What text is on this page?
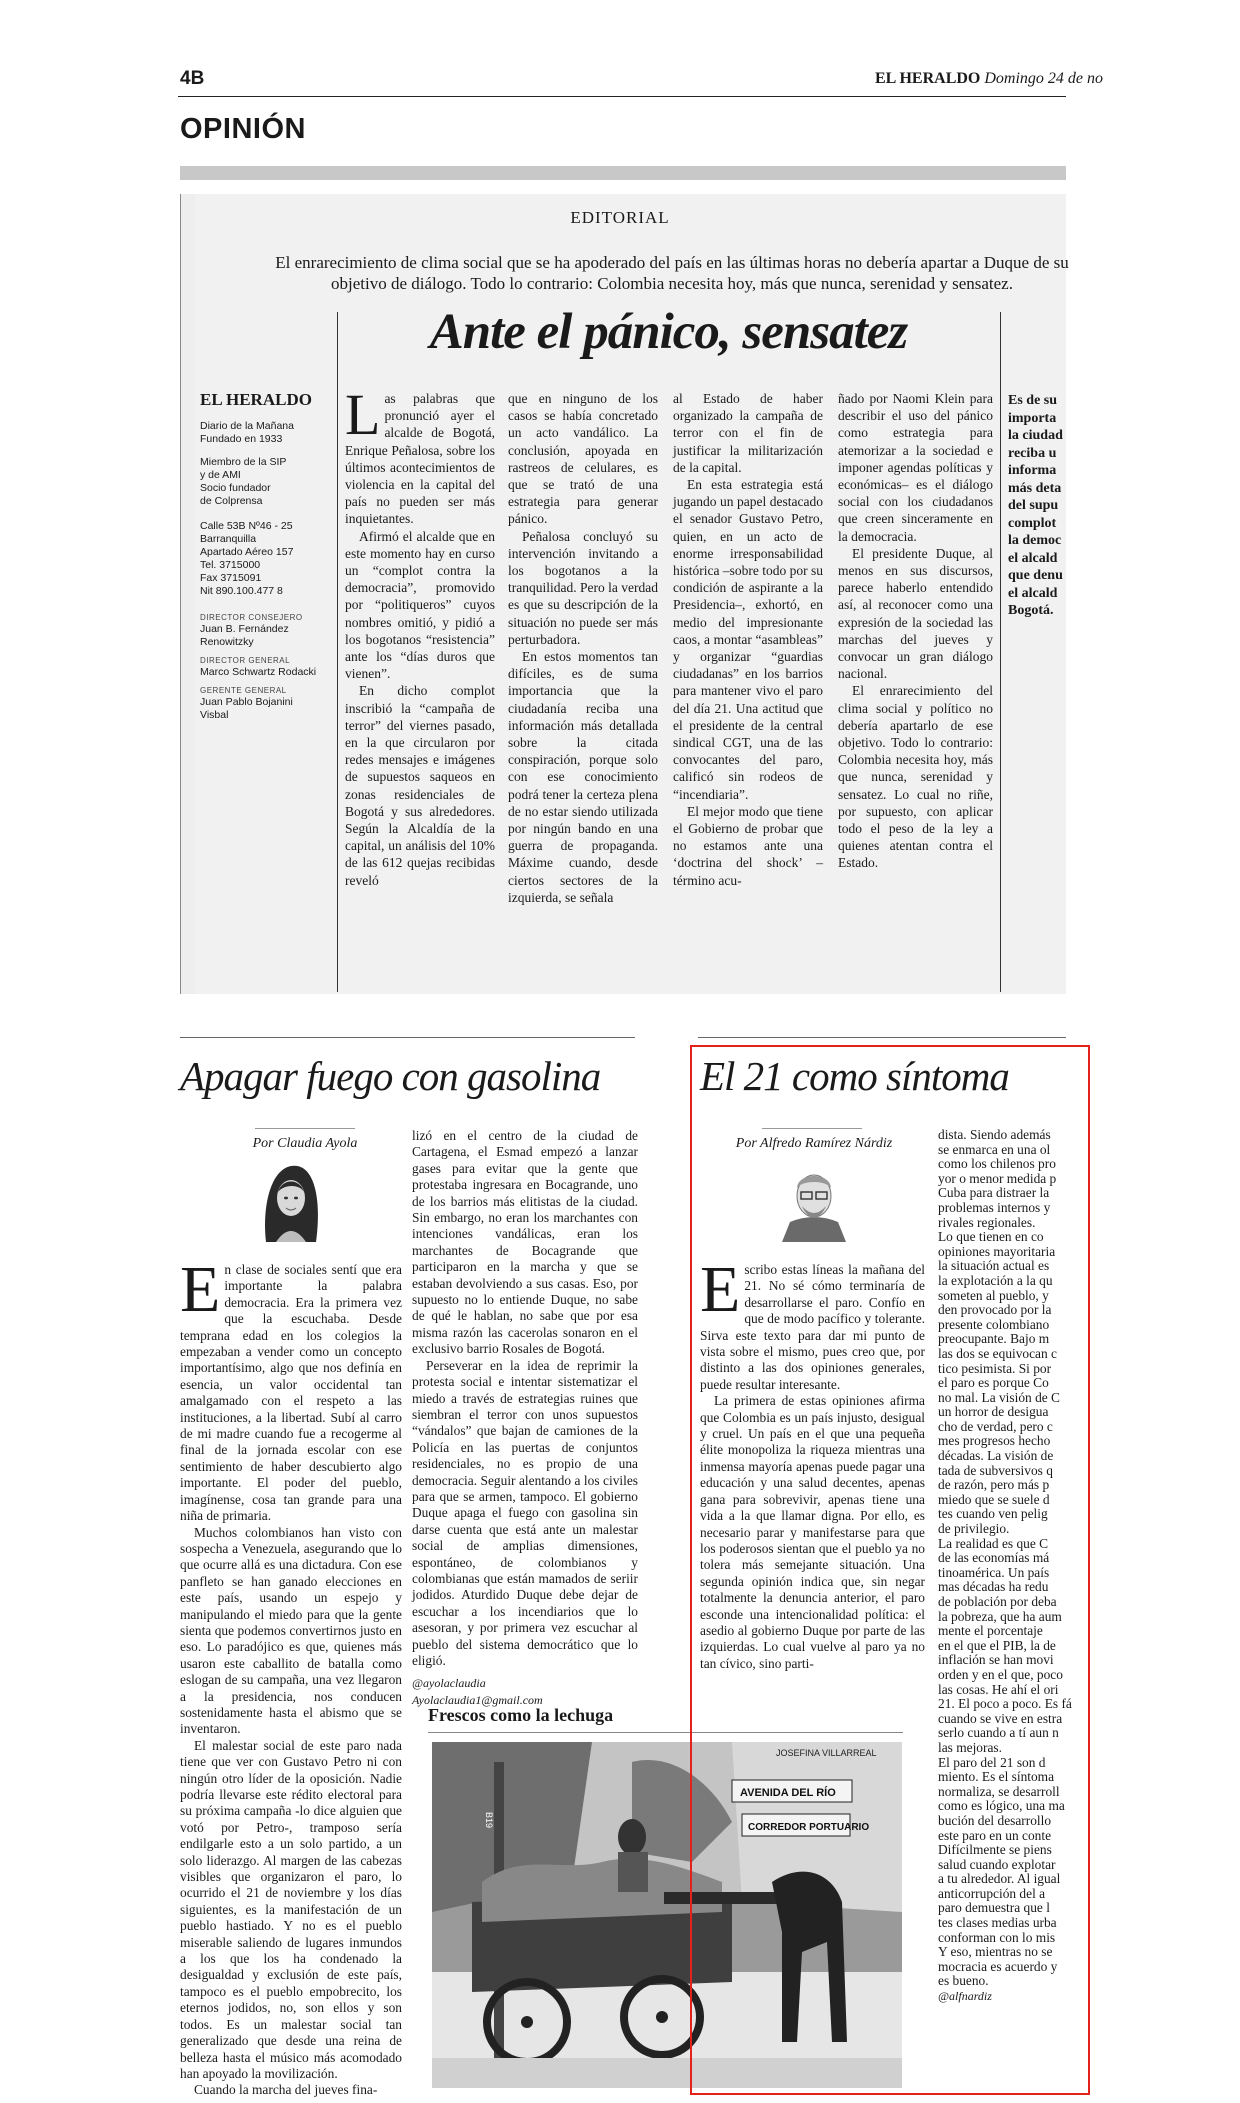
4B	EL HERALDO Domingo 24 de no
OPINIÓN
EDITORIAL
El enrarecimiento de clima social que se ha apoderado del país en las últimas horas no debería apartar a Duque de su objetivo de diálogo. Todo lo contrario: Colombia necesita hoy, más que nunca, serenidad y sensatez.
Ante el pánico, sensatez
EL HERALDO
Diario de la Mañana
Fundado en 1933
Miembro de la SIP
y de AMI
Socio fundador
de Colprensa
Calle 53B Nº46 - 25
Barranquilla
Apartado Aéreo 157
Tel. 3715000
Fax 3715091
Nit 890.100.477 8
DIRECTOR CONSEJERO
Juan B. Fernández
Renowitzky
DIRECTOR GENERAL
Marco Schwartz Rodacki
GERENTE GENERAL
Juan Pablo Bojanini
Visbal

Las palabras que pronunció ayer el alcalde de Bogotá, Enrique Peñalosa, sobre los últimos acontecimientos de violencia en la capital del país no pueden ser más inquietantes.

Afirmó el alcalde que en este momento hay en curso un “complot contra la democracia”, promovido por “politiqueros” cuyos nombres omitió, y pidió a los bogotanos “resistencia” ante los “días duros que vienen”.

En dicho complot inscribió la “campaña de terror” del viernes pasado, en la que circularon por redes mensajes e imágenes de supuestos saqueos en zonas residenciales de Bogotá y sus alrededores. Según la Alcaldía de la capital, un análisis del 10% de las 612 quejas recibidas reveló

que en ninguno de los casos se había concretado un acto vandálico. La conclusión, apoyada en rastreos de celulares, es que se trató de una estrategia para generar pánico.

Peñalosa concluyó su intervención invitando a los bogotanos a la tranquilidad. Pero la verdad es que su descripción de la situación no puede ser más perturbadora.

En estos momentos tan difíciles, es de suma importancia que la ciudadanía reciba una información más detallada sobre la citada conspiración, porque solo con ese conocimiento podrá tener la certeza plena de no estar siendo utilizada por ningún bando en una guerra de propaganda. Máxime cuando, desde ciertos sectores de la izquierda, se señala

al Estado de haber organizado la campaña de terror con el fin de justificar la militarización de la capital.

En esta estrategia está jugando un papel destacado el senador Gustavo Petro, quien, en un acto de enorme irresponsabilidad histórica –sobre todo por su condición de aspirante a la Presidencia–, exhortó, en medio del impresionante caos, a montar “asambleas” y organizar “guardias ciudadanas” en los barrios para mantener vivo el paro del día 21. Una actitud que el presidente de la central sindical CGT, una de las convocantes del paro, calificó sin rodeos de “incendiaria”.

El mejor modo que tiene el Gobierno de probar que no estamos ante una ‘doctrina del shock’ –término acu-

ñado por Naomi Klein para describir el uso del pánico como estrategia para atemorizar a la sociedad e imponer agendas políticas y económicas– es el diálogo social con los ciudadanos que creen sinceramente en la democracia.

El presidente Duque, al menos en sus discursos, parece haberlo entendido así, al reconocer como una expresión de la sociedad las marchas del jueves y convocar un gran diálogo nacional.

El enrarecimiento del clima social y político no debería apartarlo de ese objetivo. Todo lo contrario: Colombia necesita hoy, más que nunca, serenidad y sensatez. Lo cual no riñe, por supuesto, con aplicar todo el peso de la ley a quienes atentan contra el Estado.

Es de su
importa
la ciudad
reciba u
informa
más deta
del supu
complot
la democ
el alcald
que denu
el alcald
Bogotá.
Apagar fuego con gasolina
Por Claudia Ayola

En clase de sociales sentí que era importante la palabra democracia. Era la primera vez que la escuchaba. Desde temprana edad en los colegios la empezaban a vender como un concepto importantísimo, algo que nos definía en esencia, un valor occidental tan amalgamado con el respeto a las instituciones, a la libertad. Subí al carro de mi madre cuando fue a recogerme al final de la jornada escolar con ese sentimiento de haber descubierto algo importante. El poder del pueblo, imagínense, cosa tan grande para una niña de primaria.

Muchos colombianos han visto con sospecha a Venezuela, asegurando que lo que ocurre allá es una dictadura. Con ese panfleto se han ganado elecciones en este país, usando un espejo y manipulando el miedo para que la gente sienta que podemos convertirnos justo en eso. Lo paradójico es que, quienes más usaron este caballito de batalla como eslogan de su campaña, una vez llegaron a la presidencia, nos conducen sostenidamente hasta el abismo que se inventaron.

El malestar social de este paro nada tiene que ver con Gustavo Petro ni con ningún otro líder de la oposición. Nadie podría llevarse este rédito electoral para su próxima campaña -lo dice alguien que votó por Petro-, tramposo sería endilgarle esto a un solo partido, a un solo liderazgo. Al margen de las cabezas visibles que organizaron el paro, lo ocurrido el 21 de noviembre y los días siguientes, es la manifestación de un pueblo hastiado. Y no es el pueblo miserable saliendo de lugares inmundos a los que los ha condenado la desigualdad y exclusión de este país, tampoco es el pueblo empobrecito, los eternos jodidos, no, son ellos y son todos. Es un malestar social tan generalizado que desde una reina de belleza hasta el músico más acomodado han apoyado la movilización.

Cuando la marcha del jueves fina-

lizó en el centro de la ciudad de Cartagena, el Esmad empezó a lanzar gases para evitar que la gente que protestaba ingresara en Bocagrande, uno de los barrios más elitistas de la ciudad. Sin embargo, no eran los marchantes con intenciones vandálicas, eran los marchantes de Bocagrande que participaron en la marcha y que se estaban devolviendo a sus casas. Eso, por supuesto no lo entiende Duque, no sabe de qué le hablan, no sabe que por esa misma razón las cacerolas sonaron en el exclusivo barrio Rosales de Bogotá.

Perseverar en la idea de reprimir la protesta social e intentar sistematizar el miedo a través de estrategias ruines que siembran el terror con unos supuestos “vándalos” que bajan de camiones de la Policía en las puertas de conjuntos residenciales, no es propio de una democracia. Seguir alentando a los civiles para que se armen, tampoco. El gobierno Duque apaga el fuego con gasolina sin darse cuenta que está ante un malestar social de amplias dimensiones, espontáneo, de colombianos y colombianas que están mamados de seriir jodidos. Aturdido Duque debe dejar de escuchar a los incendiarios que lo asesoran, y por primera vez escuchar al pueblo del sistema democrático que lo eligió.

@ayolaclaudia
Ayolaclaudia1@gmail.com
Frescos como la lechuga
B19
AVENIDA DEL RÍO
CORREDOR PORTUARIO
JOSEFINA VILLARREAL
El 21 como síntoma
Por Alfredo Ramírez Nárdiz

Escribo estas líneas la mañana del 21. No sé cómo terminaría de desarrollarse el paro. Confío en que de modo pacífico y tolerante. Sirva este texto para dar mi punto de vista sobre el mismo, pues creo que, por distinto a las dos opiniones generales, puede resultar interesante.

La primera de estas opiniones afirma que Colombia es un país injusto, desigual y cruel. Un país en el que una pequeña élite monopoliza la riqueza mientras una inmensa mayoría apenas puede pagar una educación y una salud decentes, apenas gana para sobrevivir, apenas tiene una vida a la que llamar digna. Por ello, es necesario parar y manifestarse para que los poderosos sientan que el pueblo ya no tolera más semejante situación. Una segunda opinión indica que, sin negar totalmente la denuncia anterior, el paro esconde una intencionalidad política: el asedio al gobierno Duque por parte de las izquierdas. Lo cual vuelve al paro ya no tan cívico, sino parti-

dista. Siendo además
se enmarca en una ol
como los chilenos pro
yor o menor medida p
Cuba para distraer la
problemas internos y
rivales regionales.
Lo que tienen en co
opiniones mayoritaria
la situación actual es
la explotación a la qu
someten al pueblo, y
den provocado por la
presente colombiano
preocupante. Bajo m
las dos se equivocan c
tico pesimista. Si por
el paro es porque Co
no mal. La visión de C
un horror de desigua
cho de verdad, pero c
mes progresos hecho
décadas. La visión de
tada de subversivos q
de razón, pero más p
miedo que se suele d
tes cuando ven pelig
de privilegio.
La realidad es que C
de las economías má
tinoamérica. Un país
mas décadas ha redu
de población por deba
la pobreza, que ha aum
mente el porcentaje
en el que el PIB, la de
inflación se han movi
orden y en el que, poco
las cosas. He ahí el ori
21. El poco a poco. Es fá
cuando se vive en estra
serlo cuando a tí aun n
las mejoras.
El paro del 21 son d
miento. Es el síntoma
normaliza, se desarroll
como es lógico, una ma
bución del desarrollo
este paro en un conte
Difícilmente se piens
salud cuando explotar
a tu alrededor. Al igual
anticorrupción del a
paro demuestra que l
tes clases medias urba
conforman con lo mis
Y eso, mientras no se
mocracia es acuerdo y
es bueno.
@alfnardiz
